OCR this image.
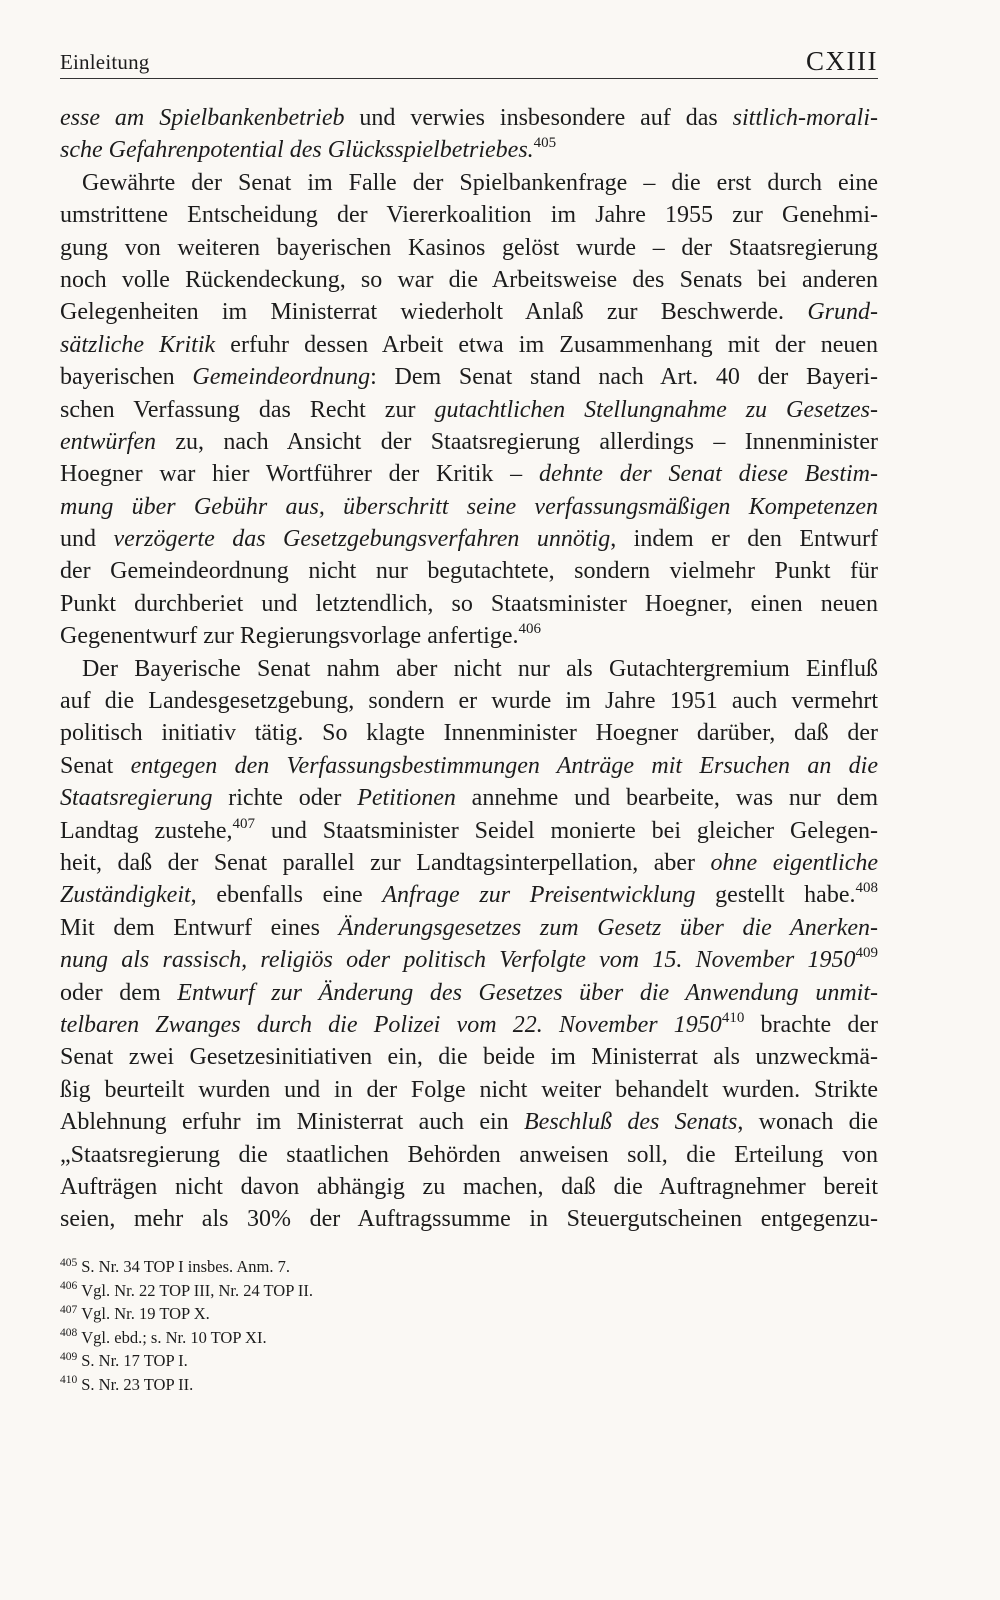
Einleitung	CXIII
esse am Spielbankenbetrieb und verwies insbesondere auf das sittlich-morali-
sche Gefahrenpotential des Glücksspielbetriebes.$^{405}$
Gewährte der Senat im Falle der Spielbankenfrage – die erst durch eine
umstrittene Entscheidung der Viererkoalition im Jahre 1955 zur Genehmi-
gung von weiteren bayerischen Kasinos gelöst wurde – der Staatsregierung
noch volle Rückendeckung, so war die Arbeitsweise des Senats bei anderen
Gelegenheiten im Ministerrat wiederholt Anlaß zur Beschwerde. Grund-
sätzliche Kritik erfuhr dessen Arbeit etwa im Zusammenhang mit der neuen
bayerischen Gemeindeordnung: Dem Senat stand nach Art. 40 der Bayeri-
schen Verfassung das Recht zur gutachtlichen Stellungnahme zu Gesetzes-
entwürfen zu, nach Ansicht der Staatsregierung allerdings – Innenminister
Hoegner war hier Wortführer der Kritik – dehnte der Senat diese Bestim-
mung über Gebühr aus, überschritt seine verfassungsmäßigen Kompetenzen
und verzögerte das Gesetzgebungsverfahren unnötig, indem er den Entwurf
der Gemeindeordnung nicht nur begutachtete, sondern vielmehr Punkt für
Punkt durchberiet und letztendlich, so Staatsminister Hoegner, einen neuen
Gegenentwurf zur Regierungsvorlage anfertige.$^{406}$
Der Bayerische Senat nahm aber nicht nur als Gutachtergremium Einfluß
auf die Landesgesetzgebung, sondern er wurde im Jahre 1951 auch vermehrt
politisch initiativ tätig. So klagte Innenminister Hoegner darüber, daß der
Senat entgegen den Verfassungsbestimmungen Anträge mit Ersuchen an die
Staatsregierung richte oder Petitionen annehme und bearbeite, was nur dem
Landtag zustehe,$^{407}$ und Staatsminister Seidel monierte bei gleicher Gelegen-
heit, daß der Senat parallel zur Landtagsinterpellation, aber ohne eigentliche
Zuständigkeit, ebenfalls eine Anfrage zur Preisentwicklung gestellt habe.$^{408}$
Mit dem Entwurf eines Änderungsgesetzes zum Gesetz über die Anerken-
nung als rassisch, religiös oder politisch Verfolgte vom 15. November 1950$^{409}$
oder dem Entwurf zur Änderung des Gesetzes über die Anwendung unmit-
telbaren Zwanges durch die Polizei vom 22. November 1950$^{410}$ brachte der
Senat zwei Gesetzesinitiativen ein, die beide im Ministerrat als unzweckmä-
ßig beurteilt wurden und in der Folge nicht weiter behandelt wurden. Strikte
Ablehnung erfuhr im Ministerrat auch ein Beschluß des Senats, wonach die
„Staatsregierung die staatlichen Behörden anweisen soll, die Erteilung von
Aufträgen nicht davon abhängig zu machen, daß die Auftragnehmer bereit
seien, mehr als 30% der Auftragssumme in Steuergutscheinen entgegenzu-
$^{405}$ S. Nr. 34 TOP I insbes. Anm. 7.
$^{406}$ Vgl. Nr. 22 TOP III, Nr. 24 TOP II.
$^{407}$ Vgl. Nr. 19 TOP X.
$^{408}$ Vgl. ebd.; s. Nr. 10 TOP XI.
$^{409}$ S. Nr. 17 TOP I.
$^{410}$ S. Nr. 23 TOP II.
